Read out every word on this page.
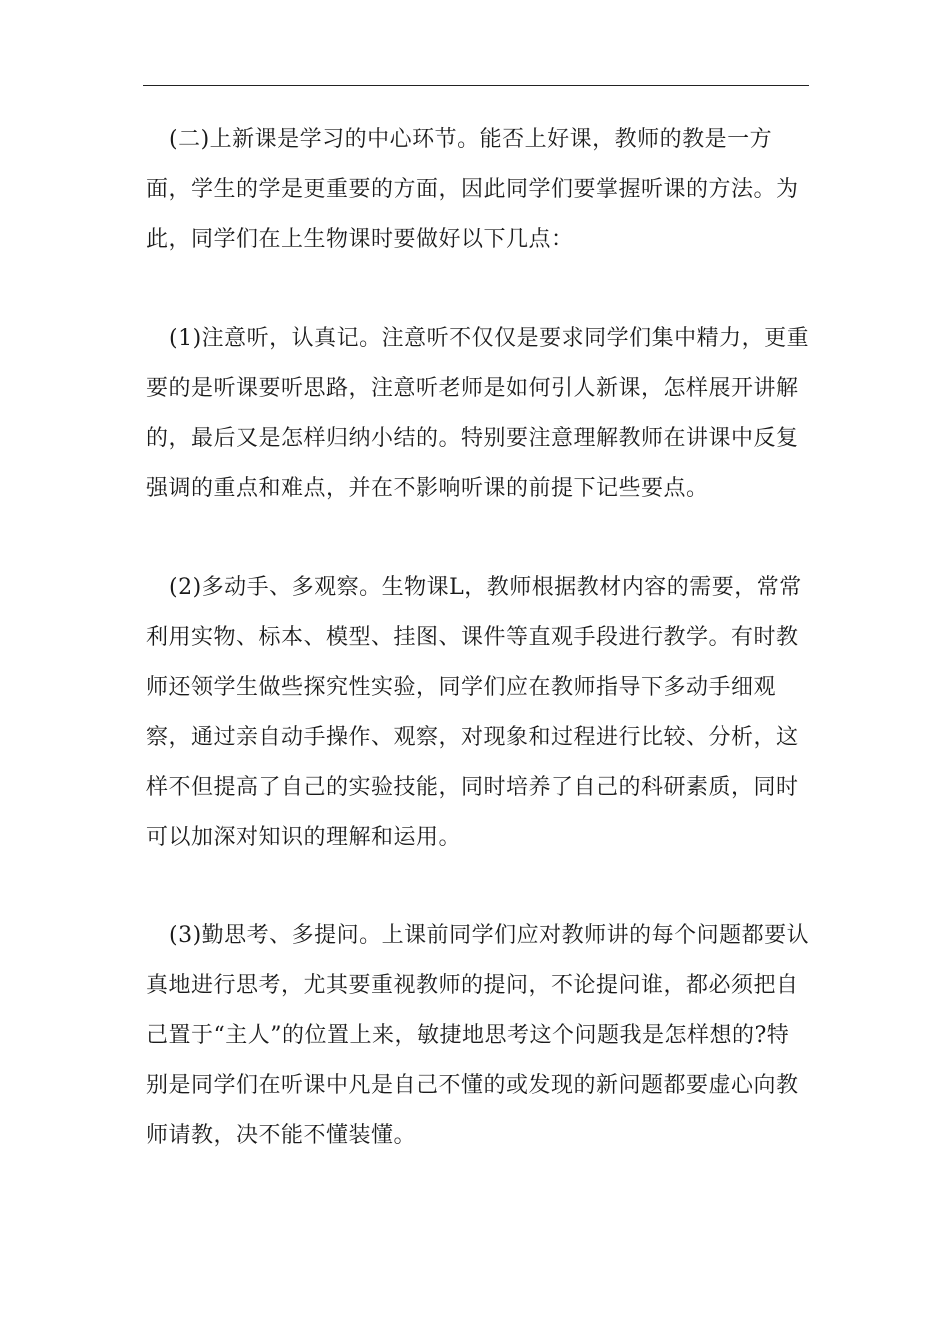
(二)上新课是学习的中心环节。能否上好课，教师的教是一方
面，学生的学是更重要的方面，因此同学们要掌握听课的方法。为
此，同学们在上生物课时要做好以下几点：
(1)注意听，认真记。注意听不仅仅是要求同学们集中精力，更重
要的是听课要听思路，注意听老师是如何引人新课，怎样展开讲解
的，最后又是怎样归纳小结的。特别要注意理解教师在讲课中反复
强调的重点和难点，并在不影响听课的前提下记些要点。
(2)多动手、多观察。生物课L，教师根据教材内容的需要，常常
利用实物、标本、模型、挂图、课件等直观手段进行教学。有时教
师还领学生做些探究性实验，同学们应在教师指导下多动手细观
察，通过亲自动手操作、观察，对现象和过程进行比较、分析，这
样不但提高了自己的实验技能，同时培养了自己的科研素质，同时
可以加深对知识的理解和运用。
(3)勤思考、多提问。上课前同学们应对教师讲的每个问题都要认
真地进行思考，尤其要重视教师的提问，不论提问谁，都必须把自
己置于“主人”的位置上来，敏捷地思考这个问题我是怎样想的?特
别是同学们在听课中凡是自己不懂的或发现的新问题都要虚心向教
师请教，决不能不懂装懂。
